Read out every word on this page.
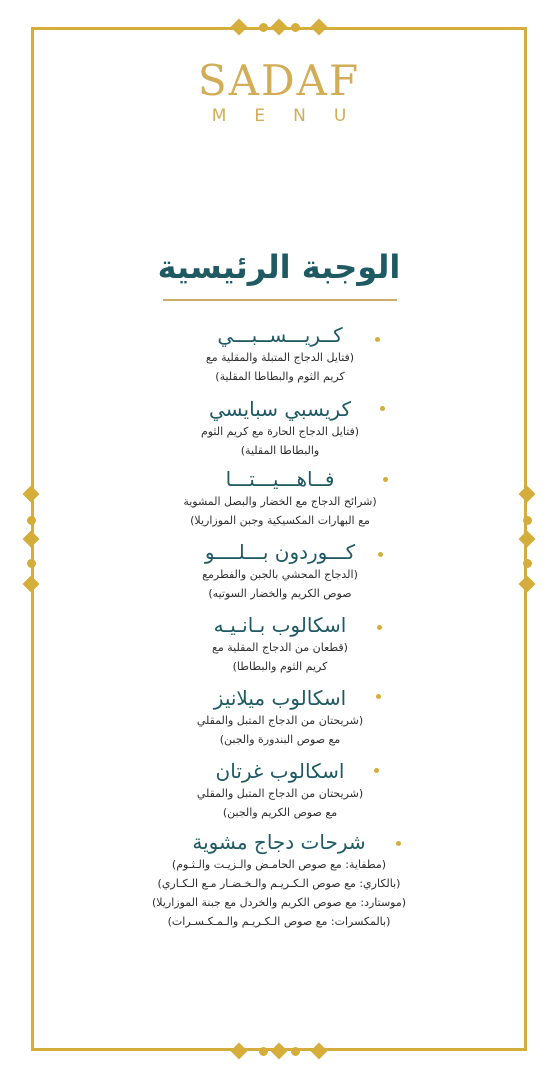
SADAF
MENU
الوجبة الرئيسية
كــريـــســبـــي
(فتايل الدجاج المتبلة والمقلية مع
كريم الثوم والبطاطا المقلية)
كريسبي سبايسي
(فتايل الدجاج الحارة مع كريم الثوم
والبطاطا المقلية)
فــاهـــيـــتـــا
(شرائح الدجاج مع الخضار والبصل المشوية
مع البهارات المكسيكية وجبن الموزاريلا)
كـــوردون بـــلــــو
(الدجاج المحشي بالجبن والفطرمع
صوص الكريم والخضار السوتيه)
اسكالوب بـانـيـه
(قطعان من الدجاج المقلية مع
كريم الثوم والبطاطا)
اسكالوب ميلانيز
(شريحتان من الدجاج المتبل والمقلي
مع صوص البندورة والجبن)
اسكالوب غرتان
(شريحتان من الدجاج المتبل والمقلي
مع صوص الكريم والجبن)
شرحات دجاج مشوية
(مطفاية: مع صوص الحامـض والـزيـت والـثـوم)
(بالكاري: مع صوص الـكـريـم والـخـضـار مـع الـكـاري)
(موستارد: مع صوص الكريم والخردل مع جبنة الموزاريلا)
(بالمكسرات: مع صوص الـكـريـم والـمـكـسـرات)
